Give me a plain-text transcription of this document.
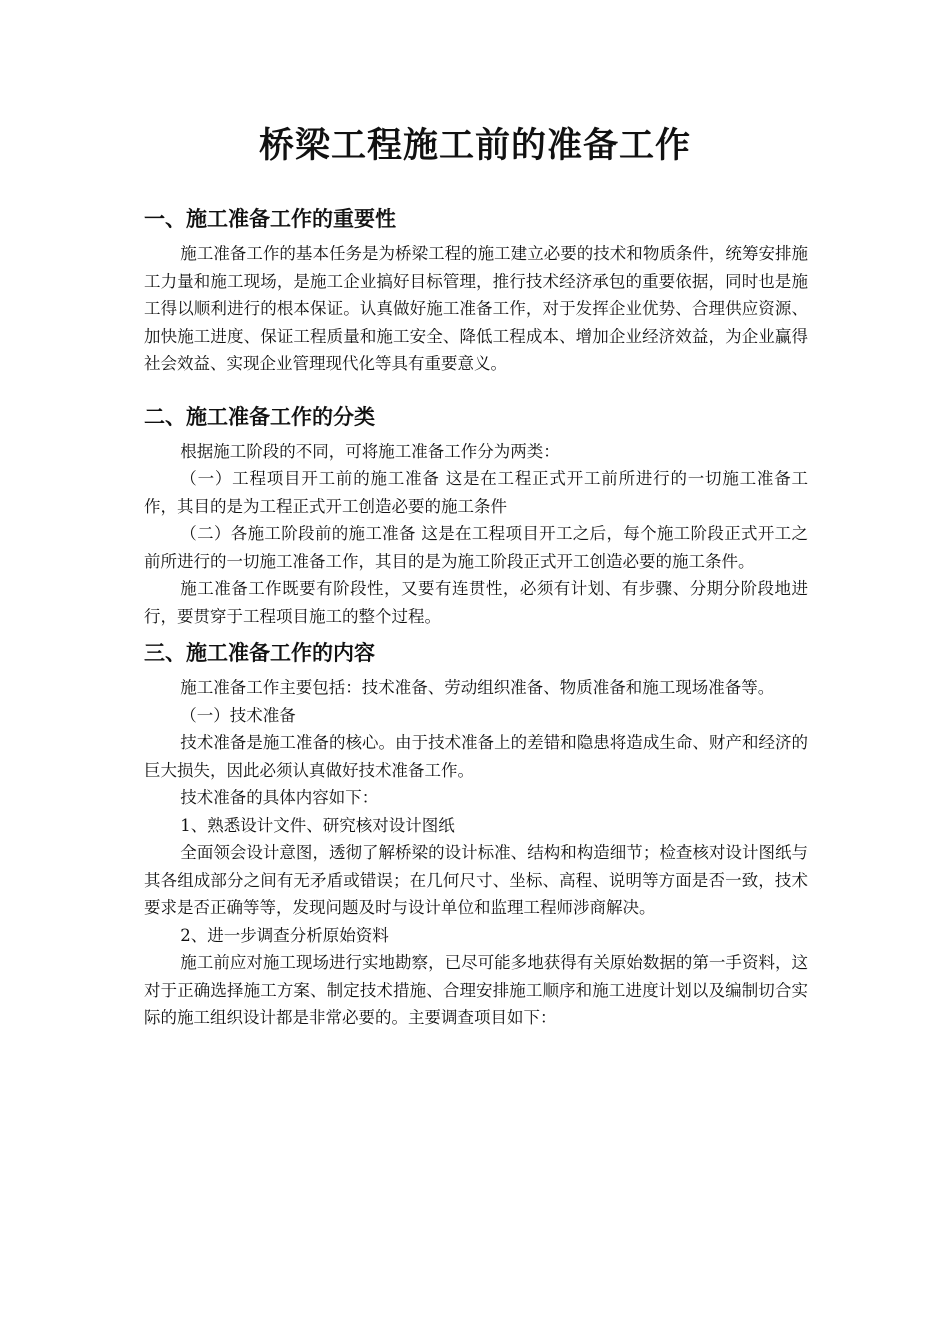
桥梁工程施工前的准备工作

一、施工准备工作的重要性

施工准备工作的基本任务是为桥梁工程的施工建立必要的技术和物质条件，统筹安排施工力量和施工现场，是施工企业搞好目标管理，推行技术经济承包的重要依据，同时也是施工得以顺利进行的根本保证。认真做好施工准备工作，对于发挥企业优势、合理供应资源、加快施工进度、保证工程质量和施工安全、降低工程成本、增加企业经济效益，为企业赢得社会效益、实现企业管理现代化等具有重要意义。

二、施工准备工作的分类

根据施工阶段的不同，可将施工准备工作分为两类：

（一）工程项目开工前的施工准备 这是在工程正式开工前所进行的一切施工准备工作，其目的是为工程正式开工创造必要的施工条件

（二）各施工阶段前的施工准备 这是在工程项目开工之后，每个施工阶段正式开工之前所进行的一切施工准备工作，其目的是为施工阶段正式开工创造必要的施工条件。

施工准备工作既要有阶段性，又要有连贯性，必须有计划、有步骤、分期分阶段地进行，要贯穿于工程项目施工的整个过程。

三、施工准备工作的内容

施工准备工作主要包括：技术准备、劳动组织准备、物质准备和施工现场准备等。

（一）技术准备

技术准备是施工准备的核心。由于技术准备上的差错和隐患将造成生命、财产和经济的巨大损失，因此必须认真做好技术准备工作。

技术准备的具体内容如下：

1、熟悉设计文件、研究核对设计图纸

全面领会设计意图，透彻了解桥梁的设计标准、结构和构造细节；检查核对设计图纸与其各组成部分之间有无矛盾或错误；在几何尺寸、坐标、高程、说明等方面是否一致，技术要求是否正确等等，发现问题及时与设计单位和监理工程师涉商解决。

2、进一步调查分析原始资料

施工前应对施工现场进行实地勘察，已尽可能多地获得有关原始数据的第一手资料，这对于正确选择施工方案、制定技术措施、合理安排施工顺序和施工进度计划以及编制切合实际的施工组织设计都是非常必要的。主要调查项目如下：
